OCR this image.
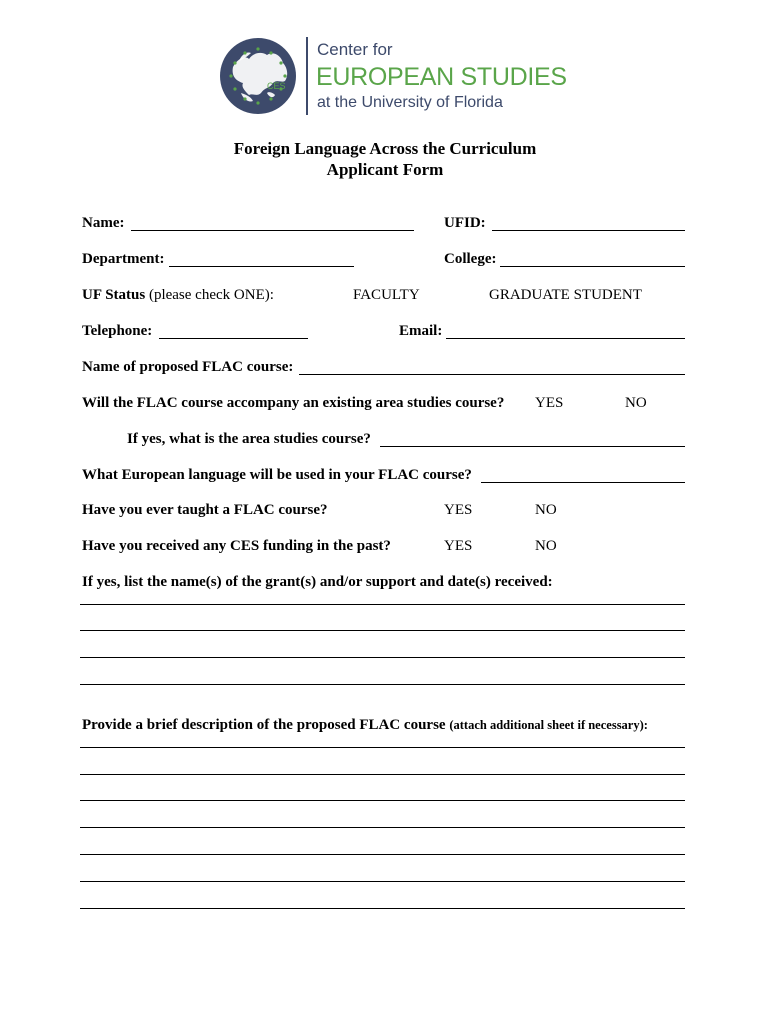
CES
Center for
EUROPEAN STUDIES
at the University of Florida
Foreign Language Across the Curriculum
Applicant Form
Name:	UFID:
Department:	College:
UF Status (please check ONE):	FACULTY	GRADUATE STUDENT
Telephone:	Email:
Name of proposed FLAC course:
Will the FLAC course accompany an existing area studies course? YES	NO
If yes, what is the area studies course?
What European language will be used in your FLAC course?
Have you ever taught a FLAC course?	YES	NO
Have you received any CES funding in the past?	YES	NO
If yes, list the name(s) of the grant(s) and/or support and date(s) received:
Provide a brief description of the proposed FLAC course (attach additional sheet if necessary):
